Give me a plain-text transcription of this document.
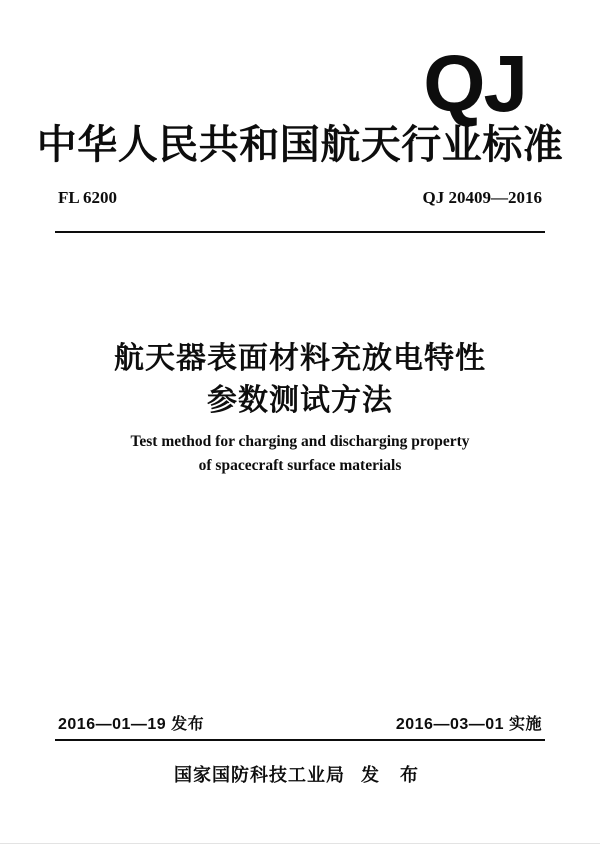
QJ
中华人民共和国航天行业标准
FL 6200	QJ 20409—2016
航天器表面材料充放电特性
参数测试方法
Test method for charging and discharging property
of spacecraft surface materials
2016—01—19 发布	2016—03—01 实施
国家国防科技工业局 发 布
